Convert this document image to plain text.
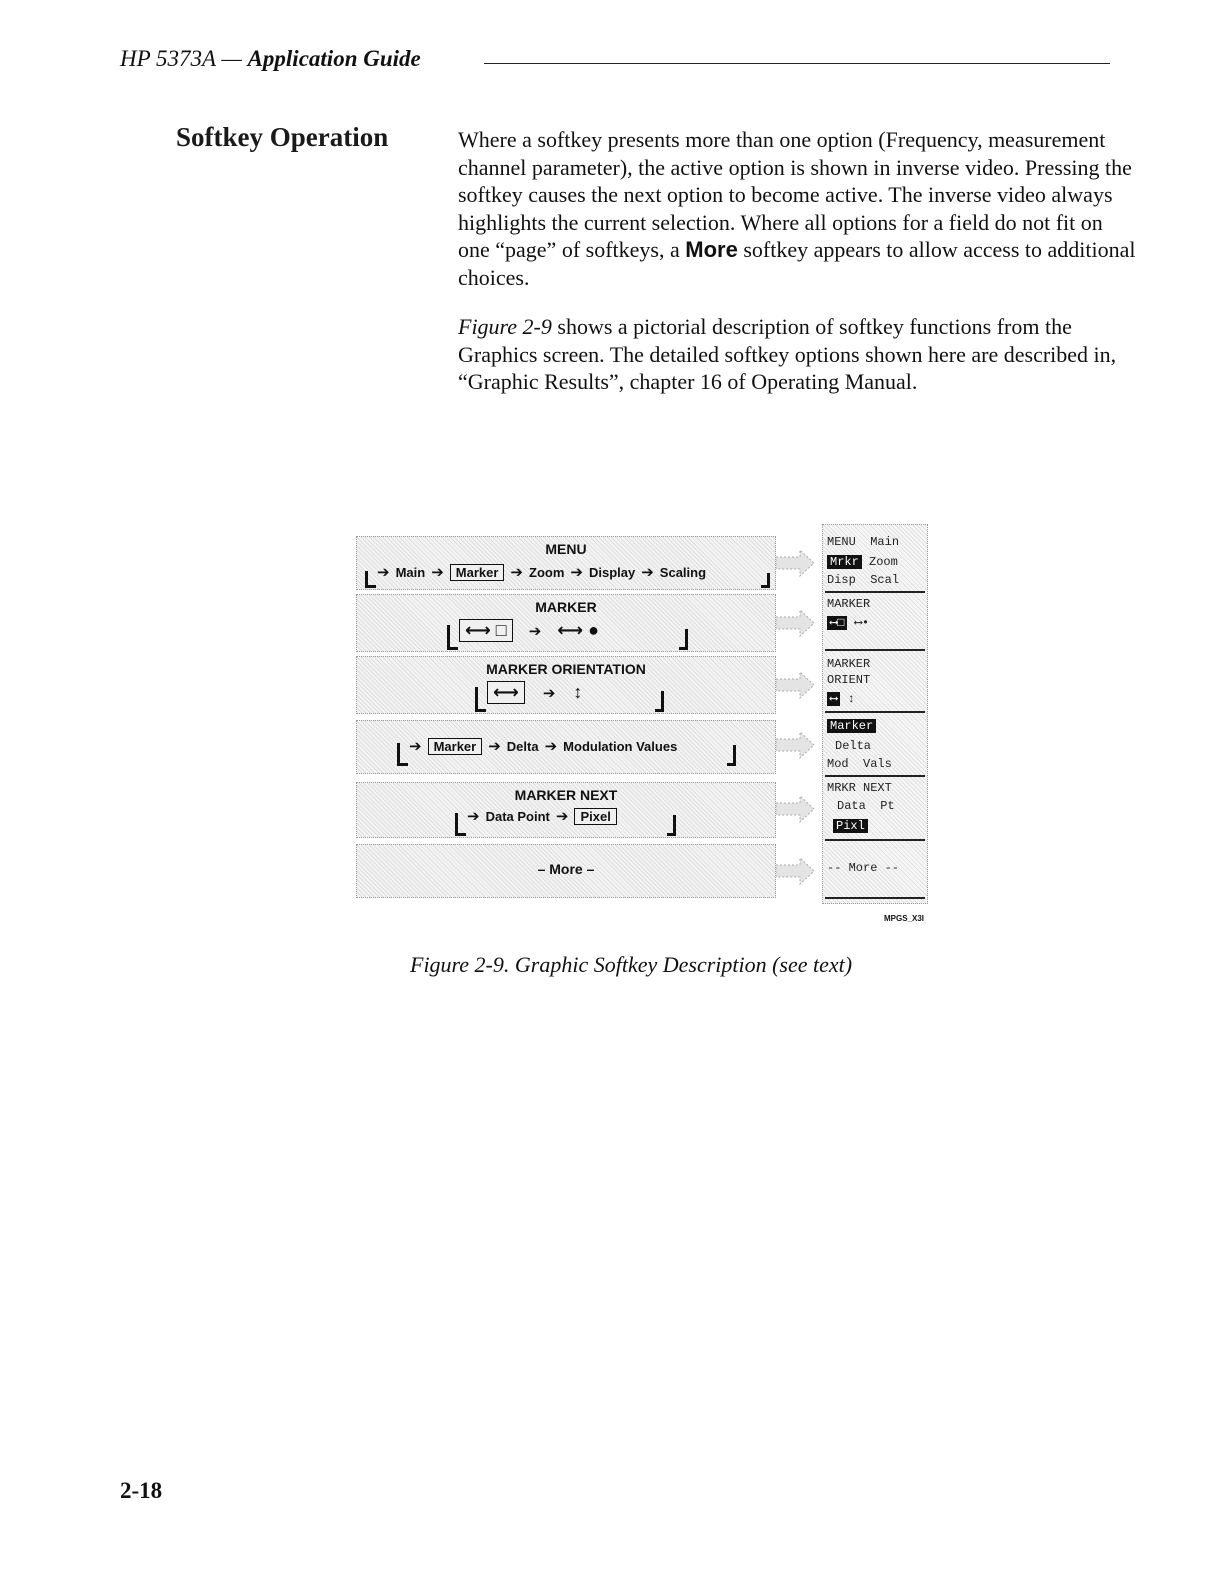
HP 5373A — Application Guide
Softkey Operation	Where a softkey presents more than one option (Frequency, measurement channel parameter), the active option is shown in inverse video. Pressing the softkey causes the next option to become active. The inverse video always highlights the current selection. Where all options for a field do not fit on one “page” of softkeys, a More softkey appears to allow access to additional choices.

Figure 2-9 shows a pictorial description of softkey functions from the Graphics screen. The detailed softkey options shown here are described in, “Graphic Results”, chapter 16 of Operating Manual.

MENU
➔ Main ➔ Marker ➔ Zoom ➔ Display ➔ Scaling
MARKER
⟷ □	➔ ⟷ ●
MARKER ORIENTATION
⟷	➔ ↕
➔ Marker ➔ Delta ➔ Modulation Values
MARKER NEXT
➔ Data Point ➔ Pixel
– More –
MENU Main
Mrkr Zoom
Disp Scal
MARKER
⟷□ ⟷•
MARKER
ORIENT
⟷ ↕
Marker
Delta
Mod Vals
MRKR NEXT
Data Pt
Pixl
-- More --
MPGS_X3I
Figure 2-9. Graphic Softkey Description (see text)
2-18
